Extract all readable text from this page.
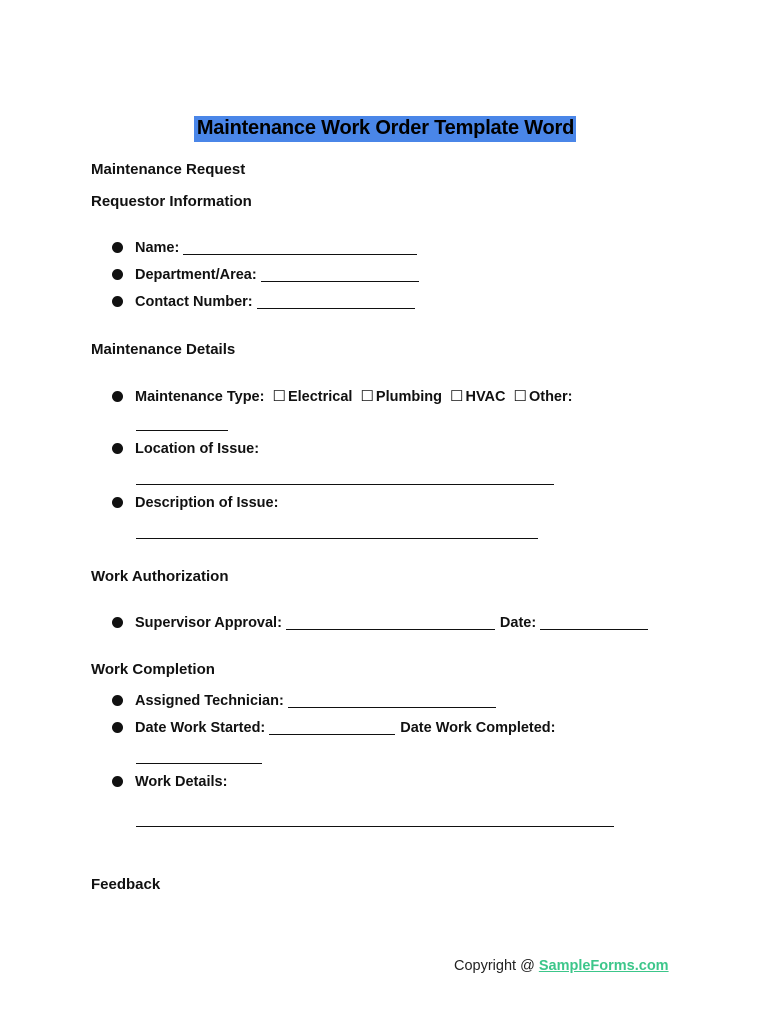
Maintenance Work Order Template Word
Maintenance Request
Requestor Information
Name:
Department/Area:
Contact Number:
Maintenance Details
Maintenance Type: ☐ Electrical ☐ Plumbing ☐ HVAC ☐ Other:
Location of Issue:
Description of Issue:
Work Authorization
Supervisor Approval:	Date:
Work Completion
Assigned Technician:
Date Work Started:	Date Work Completed:
Work Details:
Feedback
Copyright @ SampleForms.com
